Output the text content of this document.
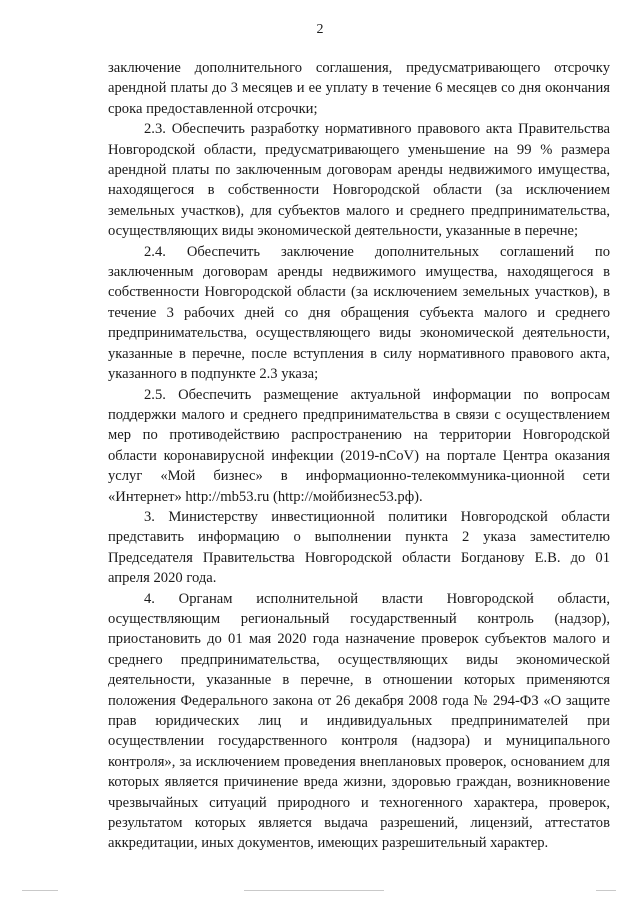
2

заключение дополнительного соглашения, предусматривающего отсрочку арендной платы до 3 месяцев и ее уплату в течение 6 месяцев со дня окончания срока предоставленной отсрочки;

2.3. Обеспечить разработку нормативного правового акта Правительства Новгородской области, предусматривающего уменьшение на 99 % размера арендной платы по заключенным договорам аренды недвижимого имущества, находящегося в собственности Новгородской области (за исключением земельных участков), для субъектов малого и среднего предпринимательства, осуществляющих виды экономической деятельности, указанные в перечне;

2.4. Обеспечить заключение дополнительных соглашений по заключенным договорам аренды недвижимого имущества, находящегося в собственности Новгородской области (за исключением земельных участков), в течение 3 рабочих дней со дня обращения субъекта малого и среднего предпринимательства, осуществляющего виды экономической деятельности, указанные в перечне, после вступления в силу нормативного правового акта, указанного в подпункте 2.3 указа;

2.5. Обеспечить размещение актуальной информации по вопросам поддержки малого и среднего предпринимательства в связи с осуществлением мер по противодействию распространению на территории Новгородской области коронавирусной инфекции (2019-nCoV) на портале Центра оказания услуг «Мой бизнес» в информационно-телекоммуника-ционной сети «Интернет» http://mb53.ru (http://мойбизнес53.рф).

3. Министерству инвестиционной политики Новгородской области представить информацию о выполнении пункта 2 указа заместителю Председателя Правительства Новгородской области Богданову Е.В. до 01 апреля 2020 года.

4. Органам исполнительной власти Новгородской области, осуществляющим региональный государственный контроль (надзор), приостановить до 01 мая 2020 года назначение проверок субъектов малого и среднего предпринимательства, осуществляющих виды экономической деятельности, указанные в перечне, в отношении которых применяются положения Федерального закона от 26 декабря 2008 года № 294-ФЗ «О защите прав юридических лиц и индивидуальных предпринимателей при осуществлении государственного контроля (надзора) и муниципального контроля», за исключением проведения внеплановых проверок, основанием для которых является причинение вреда жизни, здоровью граждан, возникновение чрезвычайных ситуаций природного и техногенного характера, проверок, результатом которых является выдача разрешений, лицензий, аттестатов аккредитации, иных документов, имеющих разрешительный характер.
